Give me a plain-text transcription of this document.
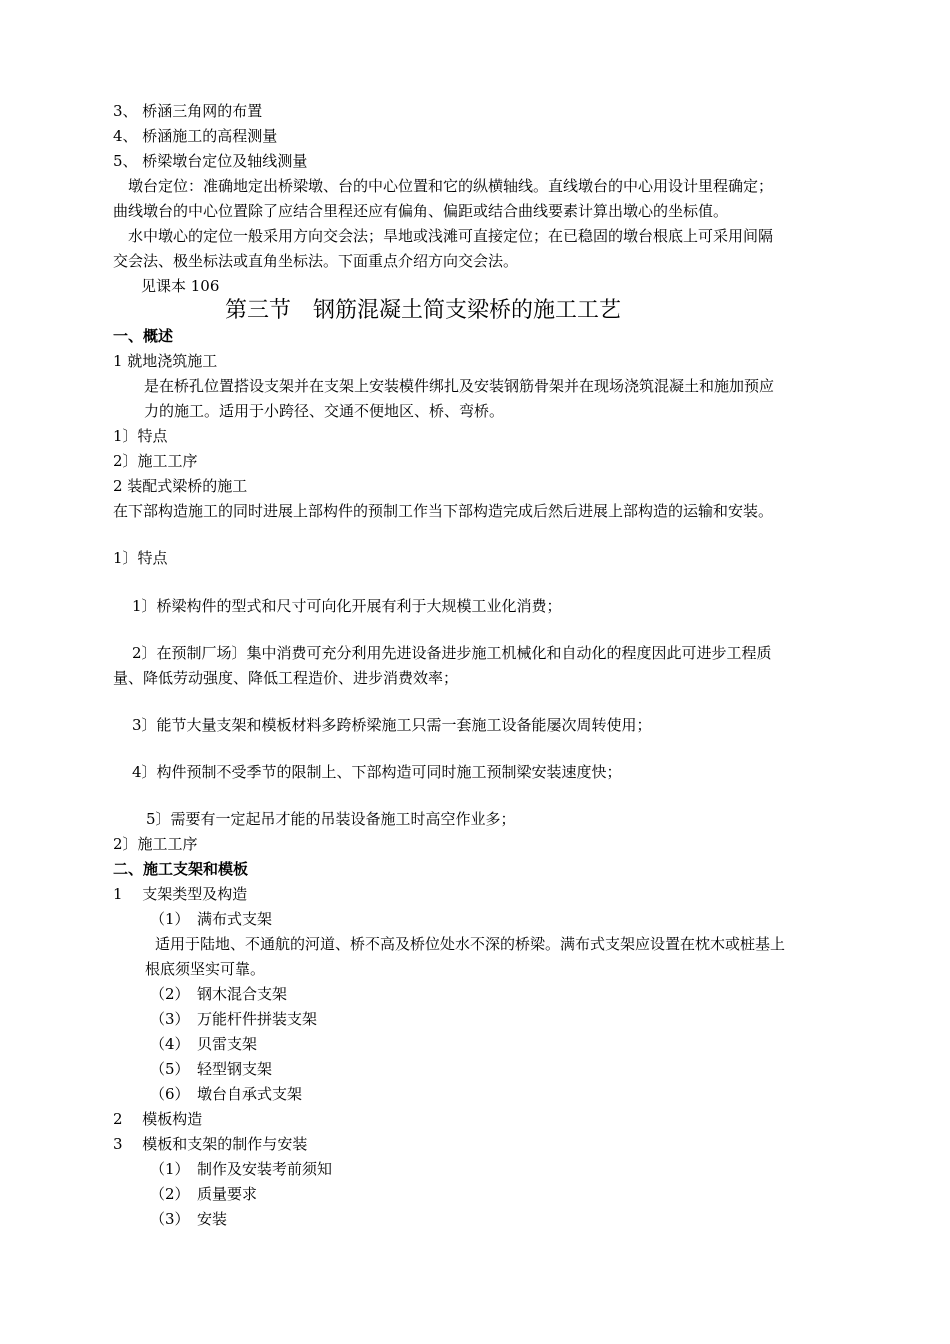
3、 桥涵三角网的布置
4、 桥涵施工的高程测量
5、 桥梁墩台定位及轴线测量
墩台定位：准确地定出桥梁墩、台的中心位置和它的纵横轴线。直线墩台的中心用设计里程确定；
曲线墩台的中心位置除了应结合里程还应有偏角、偏距或结合曲线要素计算出墩心的坐标值。
水中墩心的定位一般采用方向交会法；旱地或浅滩可直接定位；在已稳固的墩台根底上可采用间隔
交会法、极坐标法或直角坐标法。下面重点介绍方向交会法。
见课本 106
第三节　钢筋混凝土简支梁桥的施工工艺
一、概述
1 就地浇筑施工
是在桥孔位置搭设支架并在支架上安装模件绑扎及安装钢筋骨架并在现场浇筑混凝土和施加预应
力的施工。适用于小跨径、交通不便地区、桥、弯桥。
1〕特点
2〕施工工序
2 装配式梁桥的施工
在下部构造施工的同时进展上部构件的预制工作当下部构造完成后然后进展上部构造的运输和安装。
1〕特点
1〕桥梁构件的型式和尺寸可向化开展有利于大规模工业化消费；
2〕在预制厂场〕集中消费可充分利用先进设备进步施工机械化和自动化的程度因此可进步工程质
量、降低劳动强度、降低工程造价、进步消费效率；
3〕能节大量支架和模板材料多跨桥梁施工只需一套施工设备能屡次周转使用；
4〕构件预制不受季节的限制上、下部构造可同时施工预制梁安装速度快；
5〕需要有一定起吊才能的吊装设备施工时高空作业多；
2〕施工工序
二、施工支架和模板
1　 支架类型及构造
（1）　满布式支架
适用于陆地、不通航的河道、桥不高及桥位处水不深的桥梁。满布式支架应设置在枕木或桩基上
根底须坚实可靠。
（2）　钢木混合支架
（3）　万能杆件拼装支架
（4）　贝雷支架
（5）　轻型钢支架
（6）　墩台自承式支架
2　 模板构造
3　 模板和支架的制作与安装
（1）　制作及安装考前须知
（2）　质量要求
（3）　安装
